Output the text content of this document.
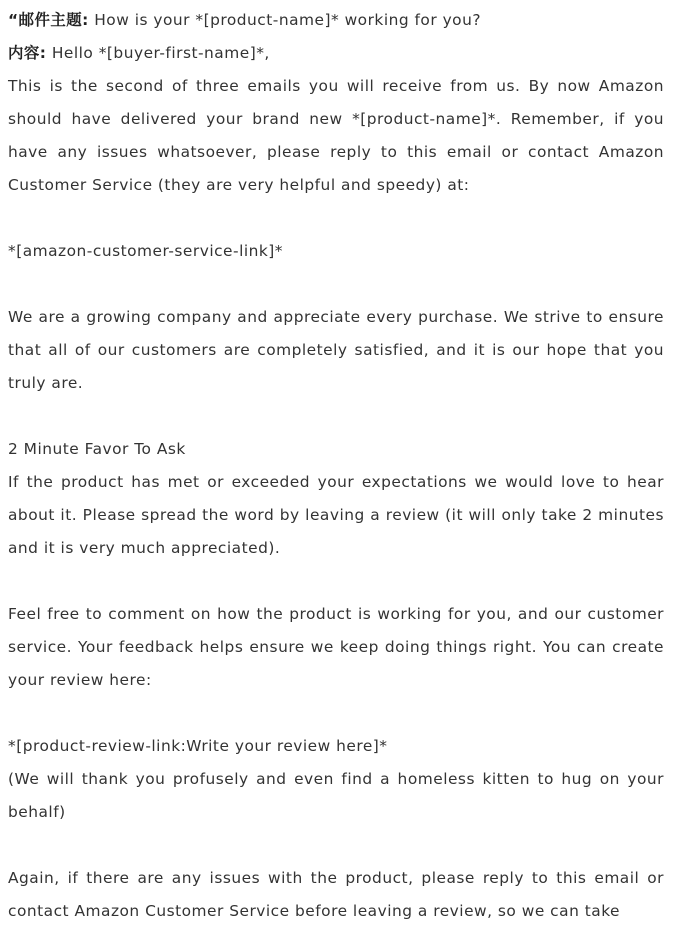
“邮件主题: How is your *[product-name]* working for you?

内容: Hello *[buyer-first-name]*,

This is the second of three emails you will receive from us. By now Amazon should have delivered your brand new *[product-name]*. Remember, if you have any issues whatsoever, please reply to this email or contact Amazon Customer Service (they are very helpful and speedy) at:

*[amazon-customer-service-link]*

We are a growing company and appreciate every purchase. We strive to ensure that all of our customers are completely satisfied, and it is our hope that you truly are.

2 Minute Favor To Ask

If the product has met or exceeded your expectations we would love to hear about it. Please spread the word by leaving a review (it will only take 2 minutes and it is very much appreciated).

Feel free to comment on how the product is working for you, and our customer service. Your feedback helps ensure we keep doing things right. You can create your review here:

*[product-review-link:Write your review here]*

(We will thank you profusely and even find a homeless kitten to hug on your behalf)

Again, if there are any issues with the product, please reply to this email or contact Amazon Customer Service before leaving a review, so we can take
